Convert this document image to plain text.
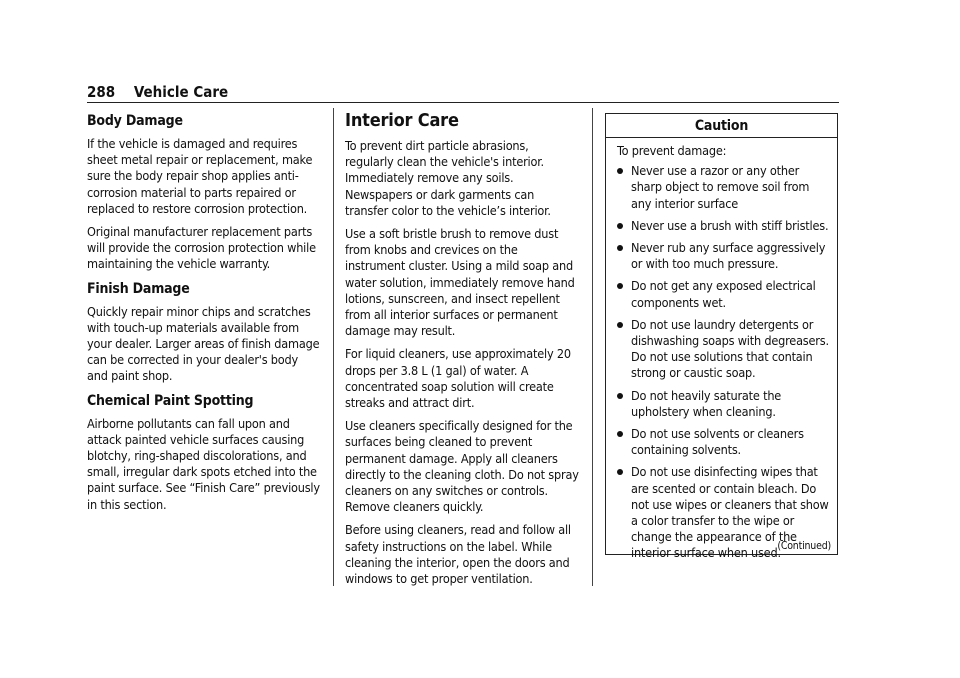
288 Vehicle Care
Body Damage

If the vehicle is damaged and requires sheet metal repair or replacement, make sure the body repair shop applies anti-corrosion material to parts repaired or replaced to restore corrosion protection.

Original manufacturer replacement parts will provide the corrosion protection while maintaining the vehicle warranty.

Finish Damage

Quickly repair minor chips and scratches with touch-up materials available from your dealer. Larger areas of finish damage can be corrected in your dealer's body and paint shop.

Chemical Paint Spotting

Airborne pollutants can fall upon and attack painted vehicle surfaces causing blotchy, ring-shaped discolorations, and small, irregular dark spots etched into the paint surface. See “Finish Care” previously in this section.

Interior Care

To prevent dirt particle abrasions, regularly clean the vehicle's interior. Immediately remove any soils. Newspapers or dark garments can transfer color to the vehicle’s interior.

Use a soft bristle brush to remove dust from knobs and crevices on the instrument cluster. Using a mild soap and water solution, immediately remove hand lotions, sunscreen, and insect repellent from all interior surfaces or permanent damage may result.

For liquid cleaners, use approximately 20 drops per 3.8 L (1 gal) of water. A concentrated soap solution will create streaks and attract dirt.

Use cleaners specifically designed for the surfaces being cleaned to prevent permanent damage. Apply all cleaners directly to the cleaning cloth. Do not spray cleaners on any switches or controls. Remove cleaners quickly.

Before using cleaners, read and follow all safety instructions on the label. While cleaning the interior, open the doors and windows to get proper ventilation.

Caution

To prevent damage:

Never use a razor or any other sharp object to remove soil from any interior surface
Never use a brush with stiff bristles.
Never rub any surface aggressively or with too much pressure.
Do not get any exposed electrical components wet.
Do not use laundry detergents or dishwashing soaps with degreasers. Do not use solutions that contain strong or caustic soap.
Do not heavily saturate the upholstery when cleaning.
Do not use solvents or cleaners containing solvents.
Do not use disinfecting wipes that are scented or contain bleach. Do not use wipes or cleaners that show a color transfer to the wipe or change the appearance of the interior surface when used.
(Continued)
